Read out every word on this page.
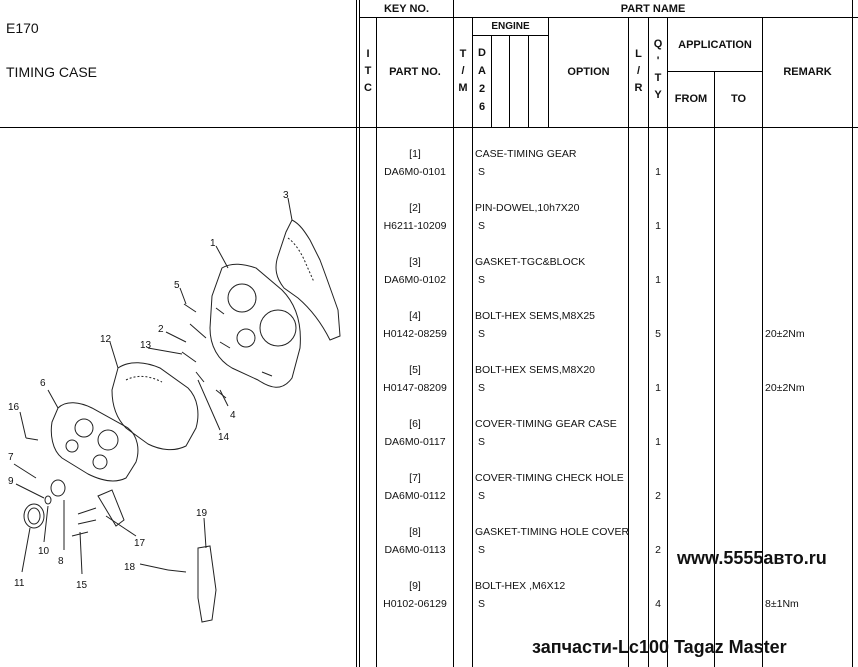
E170
TIMING CASE
KEY NO.	PART NAME
I
T
C
PART NO.
T
/
M
ENGINE
D
A
2
6
OPTION
L
/
R
Q
'
T
Y
APPLICATION
FROM	TO
REMARK
[1]
DA6M0-0101
CASE-TIMING GEAR
S	1
[2]
H6211-10209
PIN-DOWEL,10h7X20
S	1
[3]
DA6M0-0102
GASKET-TGC&BLOCK
S	1
[4]
H0142-08259
BOLT-HEX SEMS,M8X25
S	5	20±2Nm
[5]
H0147-08209
BOLT-HEX SEMS,M8X20
S	1	20±2Nm
[6]
DA6M0-0117
COVER-TIMING GEAR CASE
S	1
[7]
DA6M0-0112
COVER-TIMING CHECK HOLE
S	2
[8]
DA6M0-0113
GASKET-TIMING HOLE COVER
S	2
[9]
H0102-06129
BOLT-HEX ,M6X12
S	4	8±1Nm
www.5555авто.ru
запчасти-Lc100 Tagaz Master
1
2
3
4
5
6
7
8
9
10
11
12
13
14
15
16
17
18
19
